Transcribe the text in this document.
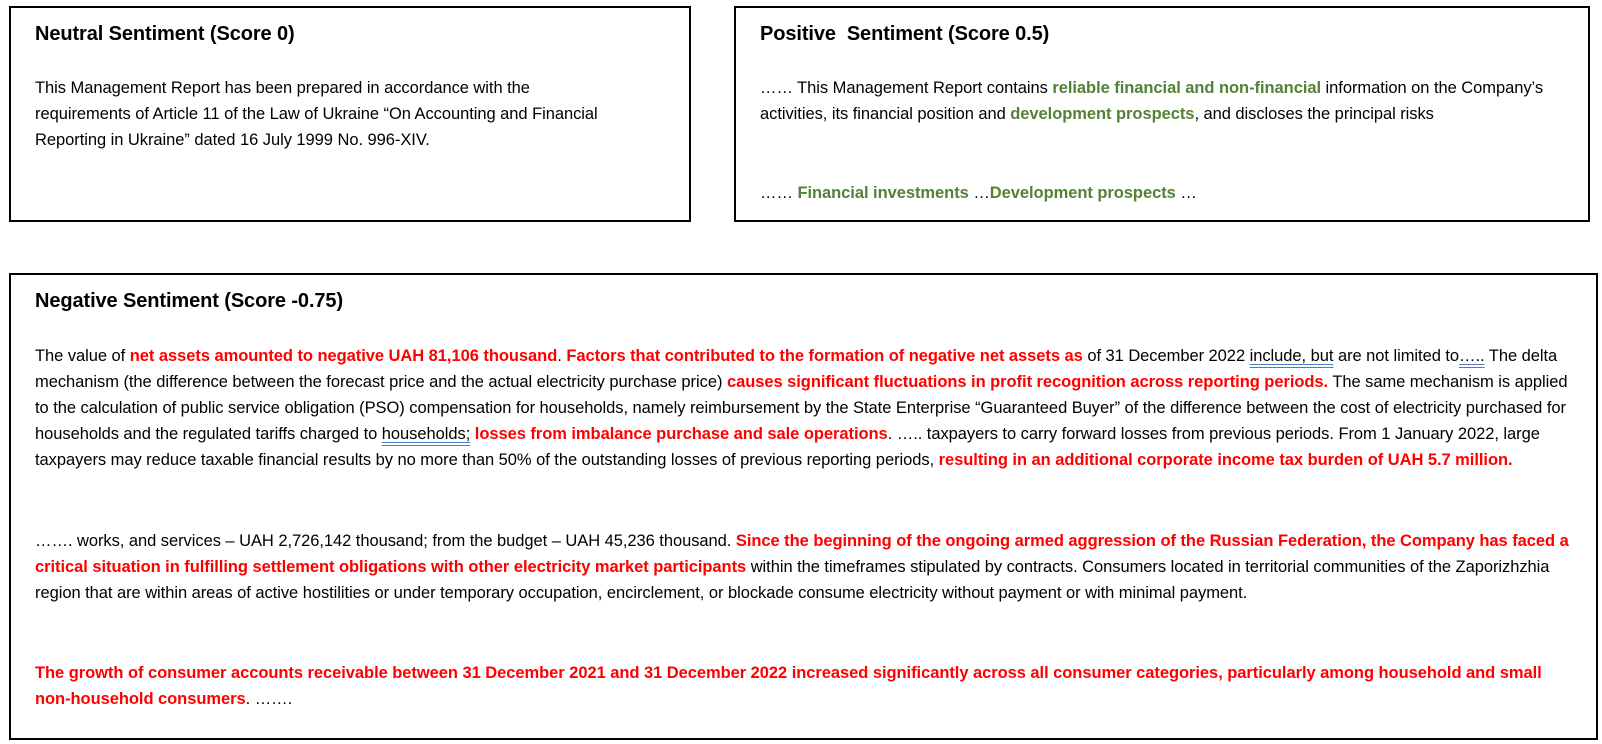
Neutral Sentiment (Score 0)
This Management Report has been prepared in accordance with the requirements of Article 11 of the Law of Ukraine “On Accounting and Financial Reporting in Ukraine” dated 16 July 1999 No. 996-XIV.
Positive  Sentiment (Score 0.5)
…… This Management Report contains reliable financial and non-financial information on the Company’s activities, its financial position and development prospects, and discloses the principal risks
…… Financial investments …Development prospects …
Negative Sentiment (Score -0.75)
The value of net assets amounted to negative UAH 81,106 thousand. Factors that contributed to the formation of negative net assets as of 31 December 2022 include, but are not limited to….. The delta mechanism (the difference between the forecast price and the actual electricity purchase price) causes significant fluctuations in profit recognition across reporting periods. The same mechanism is applied to the calculation of public service obligation (PSO) compensation for households, namely reimbursement by the State Enterprise “Guaranteed Buyer” of the difference between the cost of electricity purchased for households and the regulated tariffs charged to households; losses from imbalance purchase and sale operations. ….. taxpayers to carry forward losses from previous periods. From 1 January 2022, large taxpayers may reduce taxable financial results by no more than 50% of the outstanding losses of previous reporting periods, resulting in an additional corporate income tax burden of UAH 5.7 million.
……. works, and services – UAH 2,726,142 thousand; from the budget – UAH 45,236 thousand. Since the beginning of the ongoing armed aggression of the Russian Federation, the Company has faced a critical situation in fulfilling settlement obligations with other electricity market participants within the timeframes stipulated by contracts. Consumers located in territorial communities of the Zaporizhzhia region that are within areas of active hostilities or under temporary occupation, encirclement, or blockade consume electricity without payment or with minimal payment.
The growth of consumer accounts receivable between 31 December 2021 and 31 December 2022 increased significantly across all consumer categories, particularly among household and small non-household consumers. …….
